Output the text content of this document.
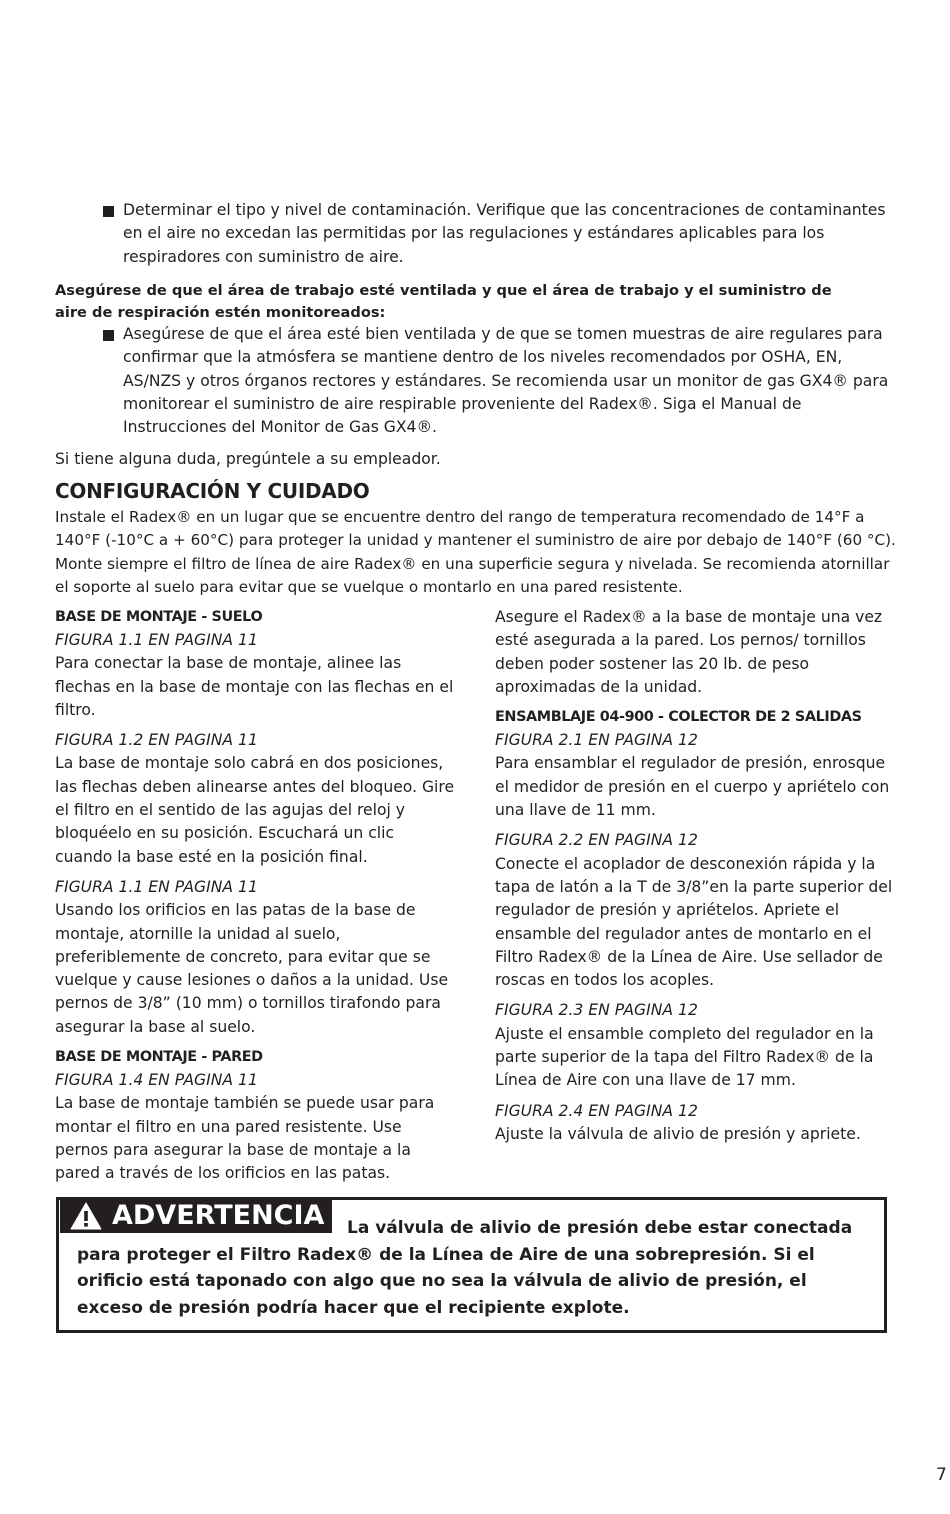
Determinar el tipo y nivel de contaminación. Verifique que las concentraciones de contaminantes en el aire no excedan las permitidas por las regulaciones y estándares aplicables para los respiradores con suministro de aire.
Asegúrese de que el área de trabajo esté ventilada y que el área de trabajo y el suministro de aire de respiración estén monitoreados:
Asegúrese de que el área esté bien ventilada y de que se tomen muestras de aire regulares para confirmar que la atmósfera se mantiene dentro de los niveles recomendados por OSHA, EN, AS/NZS y otros órganos rectores y estándares. Se recomienda usar un monitor de gas GX4® para monitorear el suministro de aire respirable proveniente del Radex®. Siga el Manual de Instrucciones del Monitor de Gas GX4®.
Si tiene alguna duda, pregúntele a su empleador.
CONFIGURACIÓN Y CUIDADO
Instale el Radex® en un lugar que se encuentre dentro del rango de temperatura recomendado de 14°F a 140°F (-10°C a + 60°C) para proteger la unidad y mantener el suministro de aire por debajo de 140°F (60 °C). Monte siempre el filtro de línea de aire Radex® en una superficie segura y nivelada. Se recomienda atornillar el soporte al suelo para evitar que se vuelque o montarlo en una pared resistente.

BASE DE MONTAJE - SUELO

FIGURA 1.1 EN PAGINA 11

Para conectar la base de montaje, alinee las flechas en la base de montaje con las flechas en el filtro.

FIGURA 1.2 EN PAGINA 11

La base de montaje solo cabrá en dos posiciones, las flechas deben alinearse antes del bloqueo. Gire el filtro en el sentido de las agujas del reloj y bloquéelo en su posición. Escuchará un clic cuando la base esté en la posición final.

FIGURA 1.1 EN PAGINA 11

Usando los orificios en las patas de la base de montaje, atornille la unidad al suelo, preferiblemente de concreto, para evitar que se vuelque y cause lesiones o daños a la unidad. Use pernos de 3/8” (10 mm) o tornillos tirafondo para asegurar la base al suelo.

BASE DE MONTAJE - PARED

FIGURA 1.4 EN PAGINA 11

La base de montaje también se puede usar para montar el filtro en una pared resistente. Use pernos para asegurar la base de montaje a la pared a través de los orificios en las patas.

Asegure el Radex® a la base de montaje una vez esté asegurada a la pared. Los pernos/ tornillos deben poder sostener las 20 lb. de peso aproximadas de la unidad.

ENSAMBLAJE 04-900 - COLECTOR DE 2 SALIDAS

FIGURA 2.1 EN PAGINA 12

Para ensamblar el regulador de presión, enrosque el medidor de presión en el cuerpo y apriételo con una llave de 11 mm.

FIGURA 2.2 EN PAGINA 12

Conecte el acoplador de desconexión rápida y la tapa de latón a la T de 3/8”en la parte superior del regulador de presión y apriételos. Apriete el ensamble del regulador antes de montarlo en el Filtro Radex® de la Línea de Aire. Use sellador de roscas en todos los acoples.

FIGURA 2.3 EN PAGINA 12

Ajuste el ensamble completo del regulador en la parte superior de la tapa del Filtro Radex® de la Línea de Aire con una llave de 17 mm.

FIGURA 2.4 EN PAGINA 12

Ajuste la válvula de alivio de presión y apriete.

ADVERTENCIA	La válvula de alivio de presión debe estar conectada para proteger el Filtro Radex® de la Línea de Aire de una sobrepresión. Si el orificio está taponado con algo que no sea la válvula de alivio de presión, el exceso de presión podría hacer que el recipiente explote.
7
